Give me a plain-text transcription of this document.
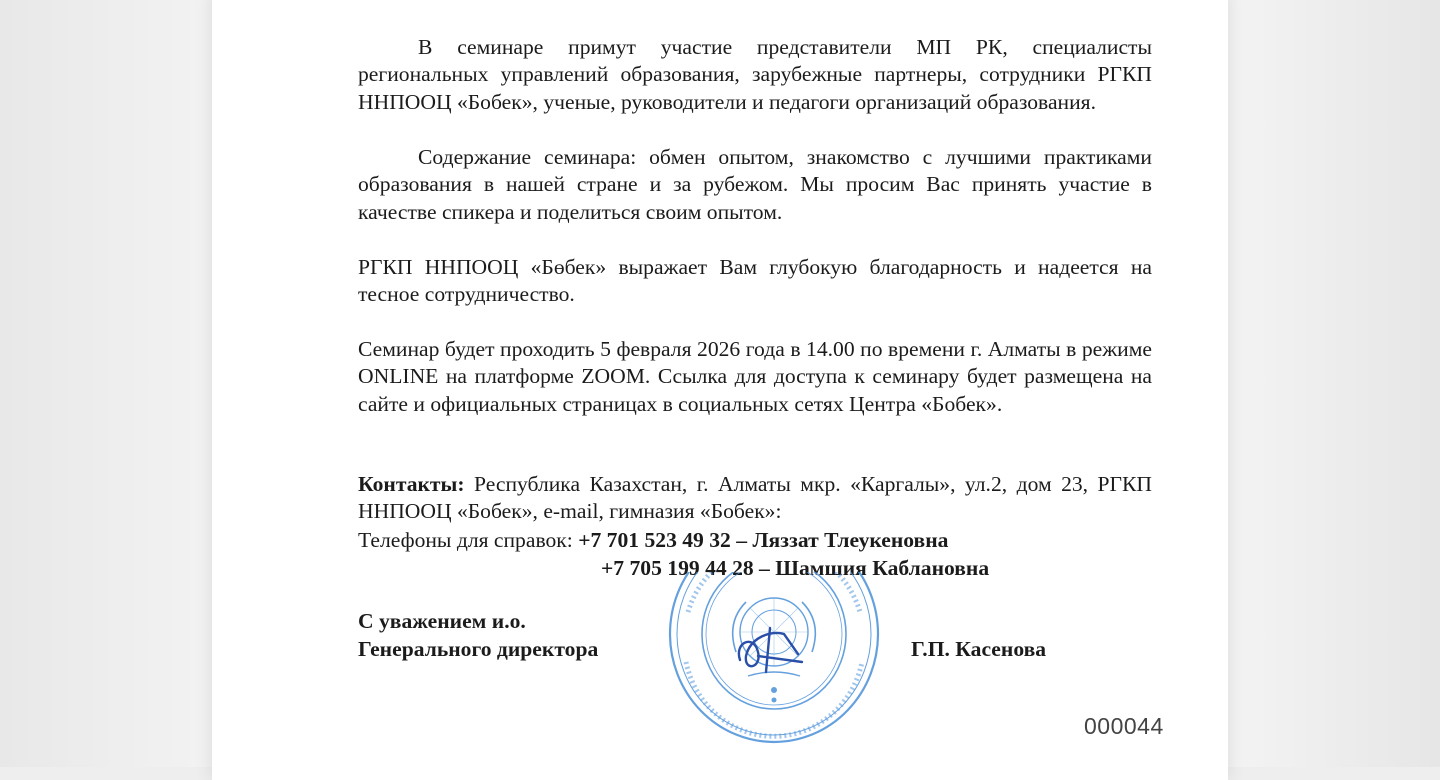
В семинаре примут участие представители МП РК, специалисты региональных управлений образования, зарубежные партнеры, сотрудники РГКП ННПООЦ «Бобек», ученые, руководители и педагоги организаций образования.

Содержание семинара: обмен опытом, знакомство с лучшими практиками образования в нашей стране и за рубежом. Мы просим Вас принять участие в качестве спикера и поделиться своим опытом.

РГКП ННПООЦ «Бөбек» выражает Вам глубокую благодарность и надеется на тесное сотрудничество.

Семинар будет проходить 5 февраля 2026 года в 14.00 по времени г. Алматы в режиме ONLINE на платформе ZOOM. Ссылка для доступа к семинару будет размещена на сайте и официальных страницах в социальных сетях Центра «Бобек».

Контакты: Республика Казахстан, г. Алматы мкр. «Каргалы», ул.2, дом 23, РГКП ННПООЦ «Бобек», e-mail, гимназия «Бобек»:

Телефоны для справок: +7 701 523 49 32 – Ляззат Тлеукеновна
+7 705 199 44 28 – Шамшия Каблановна
С уважением и.о.
Генерального директора	Г.П. Касенова
000044
